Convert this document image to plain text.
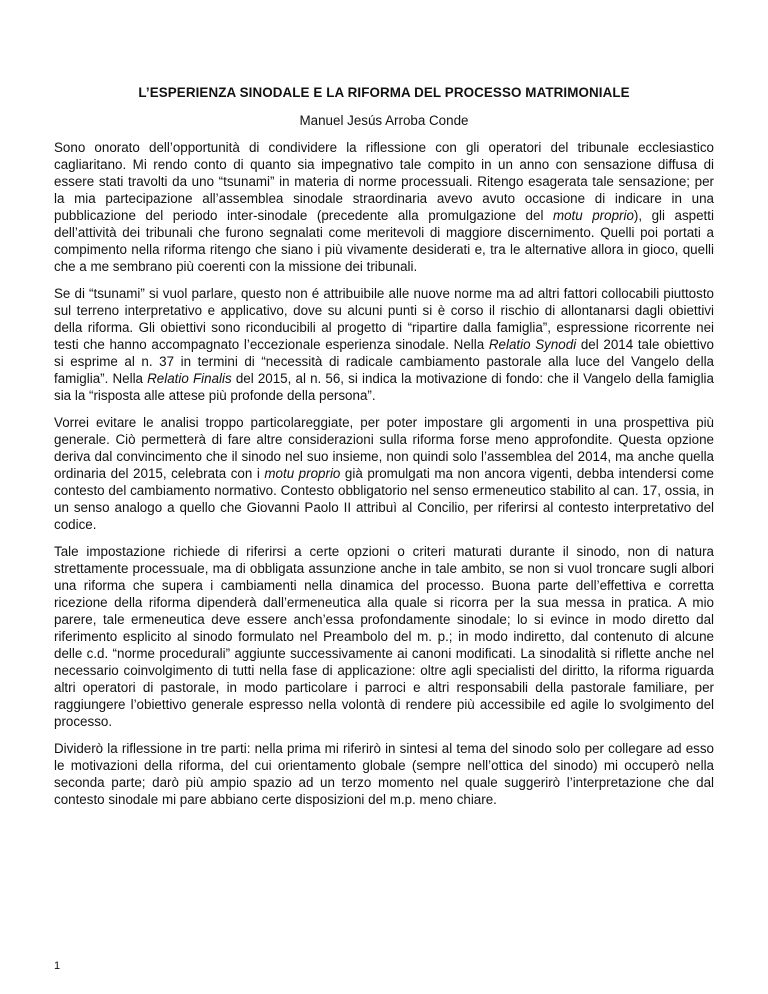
L’ESPERIENZA SINODALE E LA RIFORMA DEL PROCESSO MATRIMONIALE
Manuel Jesús Arroba Conde

Sono onorato dell’opportunità di condividere la riflessione con gli operatori del tribunale ecclesiastico cagliaritano. Mi rendo conto di quanto sia impegnativo tale compito in un anno con sensazione diffusa di essere stati travolti da uno “tsunami” in materia di norme processuali. Ritengo esagerata tale sensazione; per la mia partecipazione all’assemblea sinodale straordinaria avevo avuto occasione di indicare in una pubblicazione del periodo inter-sinodale (precedente alla promulgazione del motu proprio), gli aspetti dell’attività dei tribunali che furono segnalati come meritevoli di maggiore discernimento. Quelli poi portati a compimento nella riforma ritengo che siano i più vivamente desiderati e, tra le alternative allora in gioco, quelli che a me sembrano più coerenti con la missione dei tribunali.

Se di “tsunami” si vuol parlare, questo non é attribuibile alle nuove norme ma ad altri fattori collocabili piuttosto sul terreno interpretativo e applicativo, dove su alcuni punti si è corso il rischio di allontanarsi dagli obiettivi della riforma. Gli obiettivi sono riconducibili al progetto di “ripartire dalla famiglia”, espressione ricorrente nei testi che hanno accompagnato l’eccezionale esperienza sinodale. Nella Relatio Synodi del 2014 tale obiettivo si esprime al n. 37 in termini di “necessità di radicale cambiamento pastorale alla luce del Vangelo della famiglia”. Nella Relatio Finalis del 2015, al n. 56, si indica la motivazione di fondo: che il Vangelo della famiglia sia la “risposta alle attese più profonde della persona”.

Vorrei evitare le analisi troppo particolareggiate, per poter impostare gli argomenti in una prospettiva più generale. Ciò permetterà di fare altre considerazioni sulla riforma forse meno approfondite. Questa opzione deriva dal convincimento che il sinodo nel suo insieme, non quindi solo l’assemblea del 2014, ma anche quella ordinaria del 2015, celebrata con i motu proprio già promulgati ma non ancora vigenti, debba intendersi come contesto del cambiamento normativo. Contesto obbligatorio nel senso ermeneutico stabilito al can. 17, ossia, in un senso analogo a quello che Giovanni Paolo II attribuì al Concilio, per riferirsi al contesto interpretativo del codice.

Tale impostazione richiede di riferirsi a certe opzioni o criteri maturati durante il sinodo, non di natura strettamente processuale, ma di obbligata assunzione anche in tale ambito, se non si vuol troncare sugli albori una riforma che supera i cambiamenti nella dinamica del processo. Buona parte dell’effettiva e corretta ricezione della riforma dipenderà dall’ermeneutica alla quale si ricorra per la sua messa in pratica. A mio parere, tale ermeneutica deve essere anch’essa profondamente sinodale; lo si evince in modo diretto dal riferimento esplicito al sinodo formulato nel Preambolo del m. p.; in modo indiretto, dal contenuto di alcune delle c.d. “norme procedurali” aggiunte successivamente ai canoni modificati. La sinodalità si riflette anche nel necessario coinvolgimento di tutti nella fase di applicazione: oltre agli specialisti del diritto, la riforma riguarda altri operatori di pastorale, in modo particolare i parroci e altri responsabili della pastorale familiare, per raggiungere l’obiettivo generale espresso nella volontà di rendere più accessibile ed agile lo svolgimento del processo.

Dividerò la riflessione in tre parti: nella prima mi riferirò in sintesi al tema del sinodo solo per collegare ad esso le motivazioni della riforma, del cui orientamento globale (sempre nell’ottica del sinodo) mi occuperò nella seconda parte; darò più ampio spazio ad un terzo momento nel quale suggerirò l’interpretazione che dal contesto sinodale mi pare abbiano certe disposizioni del m.p. meno chiare.

1
